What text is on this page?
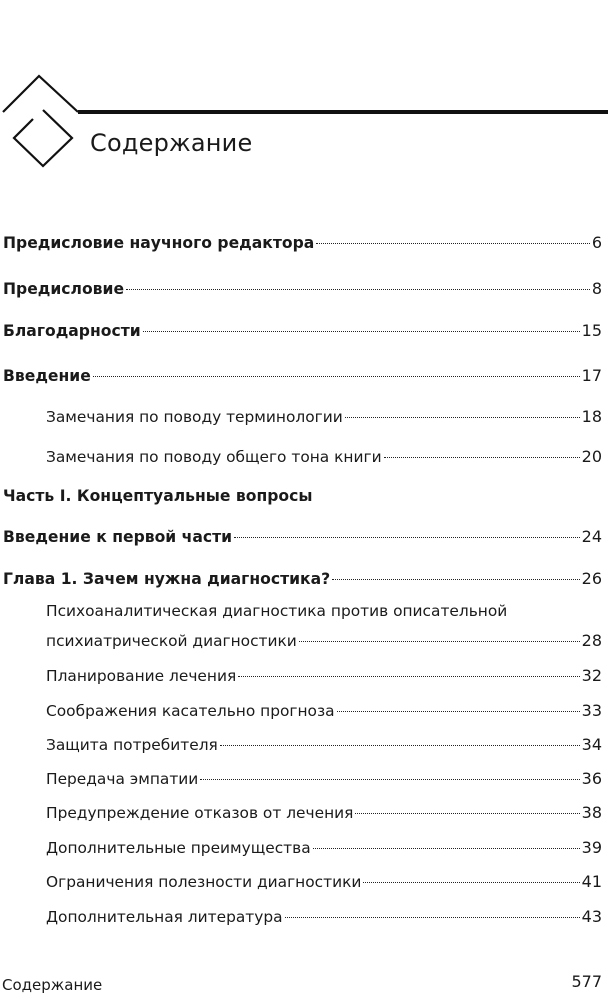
Содержание
Предисловие научного редактора	6
Предисловие	8
Благодарности	15
Введение	17
Замечания по поводу терминологии	18
Замечания по поводу общего тона книги	20
Часть I. Концептуальные вопросы
Введение к первой части	24
Глава 1. Зачем нужна диагностика?	26
Психоаналитическая диагностика против описательной
психиатрической диагностики	28
Планирование лечения	32
Соображения касательно прогноза	33
Защита потребителя	34
Передача эмпатии	36
Предупреждение отказов от лечения	38
Дополнительные преимущества	39
Ограничения полезности диагностики	41
Дополнительная литература	43
Содержание	577
